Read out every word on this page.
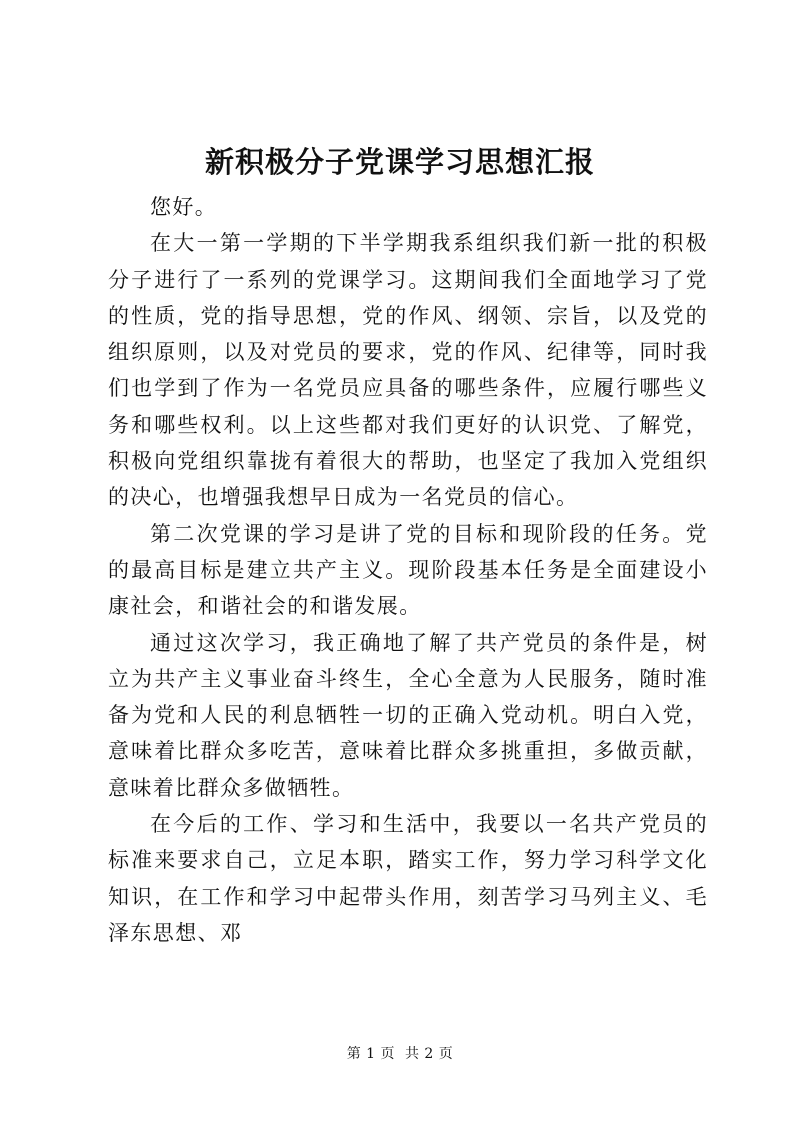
新积极分子党课学习思想汇报

您好。

在大一第一学期的下半学期我系组织我们新一批的积极分子进行了一系列的党课学习。这期间我们全面地学习了党的性质，党的指导思想，党的作风、纲领、宗旨，以及党的组织原则，以及对党员的要求，党的作风、纪律等，同时我们也学到了作为一名党员应具备的哪些条件，应履行哪些义务和哪些权利。以上这些都对我们更好的认识党、了解党，积极向党组织靠拢有着很大的帮助，也坚定了我加入党组织的决心，也增强我想早日成为一名党员的信心。

第二次党课的学习是讲了党的目标和现阶段的任务。党的最高目标是建立共产主义。现阶段基本任务是全面建设小康社会，和谐社会的和谐发展。

通过这次学习，我正确地了解了共产党员的条件是，树立为共产主义事业奋斗终生，全心全意为人民服务，随时准备为党和人民的利息牺牲一切的正确入党动机。明白入党，意味着比群众多吃苦，意味着比群众多挑重担，多做贡献，意味着比群众多做牺牲。

在今后的工作、学习和生活中，我要以一名共产党员的标准来要求自己，立足本职，踏实工作，努力学习科学文化知识，在工作和学习中起带头作用，刻苦学习马列主义、毛泽东思想、邓

第 1 页  共 2 页
